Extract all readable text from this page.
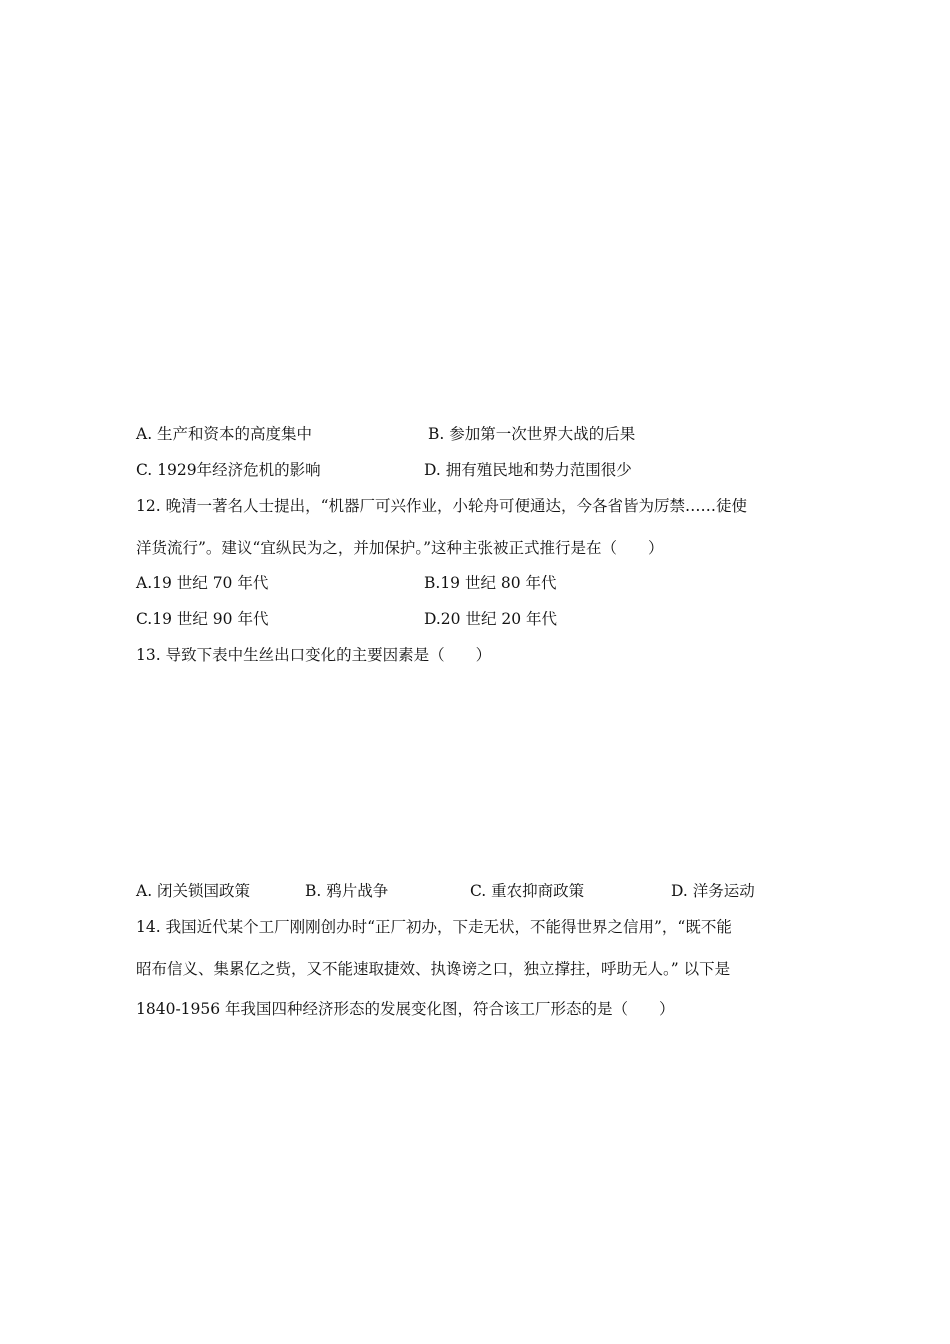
A. 生产和资本的高度集中	B. 参加第一次世界大战的后果
C. 1929年经济危机的影响	D. 拥有殖民地和势力范围很少
12. 晚清一著名人士提出，“机器厂可兴作业，小轮舟可便通达，今各省皆为厉禁……徒使
洋货流行”。建议“宜纵民为之，并加保护。”这种主张被正式推行是在（　　）
A.19 世纪 70 年代	B.19 世纪 80 年代
C.19 世纪 90 年代	D.20 世纪 20 年代
13. 导致下表中生丝出口变化的主要因素是（　　）
A. 闭关锁国政策	B. 鸦片战争	C. 重农抑商政策	D. 洋务运动
14. 我国近代某个工厂刚刚创办时“正厂初办，下走无状，不能得世界之信用”，“既不能
昭布信义、集累亿之赀，又不能速取捷效、执谗谤之口，独立撑拄，呼助无人。” 以下是
1840-1956 年我国四种经济形态的发展变化图，符合该工厂形态的是（　　）
